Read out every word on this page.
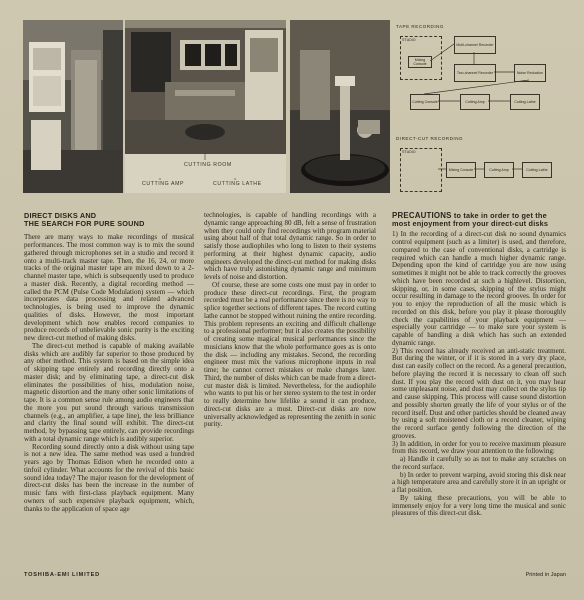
CUTTING ROOM
CUTTING AMP	CUTTING LATHE
TAPE RECORDING
STUDIO
Mixing Console
Multi-channel Recorder
Two-channel Recorder	Noise Reduction
Cutting Console	Cutting Amp	Cutting Lathe
DIRECT-CUT RECORDING
STUDIO
Mixing Console	Cutting Amp	Cutting Lathe
DIRECT DISKS AND
THE SEARCH FOR PURE SOUND

There are many ways to make recordings of musical performances. The most common way is to mix the sound gathered through microphones set in a studio and record it onto a multi-track master tape. Then, the 16, 24, or more tracks of the original master tape are mixed down to a 2-channel master tape, which is subsequently used to produce a master disk. Recently, a digital recording method — called the PCM (Pulse Code Modulation) system — which incorporates data processing and related advanced technologies, is being used to improve the dynamic qualities of disks. However, the most important development which now enables record companies to produce records of unbelievable sonic purity is the exciting new direct-cut method of making disks.

The direct-cut method is capable of making available disks which are audibly far superior to those produced by any other method. This system is based on the simple idea of skipping tape entirely and recording directly onto a master disk; and by eliminating tape, a direct-cut disk eliminates the possibilities of hiss, modulation noise, magnetic distortion and the many other sonic limitations of tape. It is a common sense rule among audio engineers that the more you put sound through various transmission channels (e.g., an amplifier, a tape line), the less brilliance and clarity the final sound will exhibit. The direct-cut method, by bypassing tape entirely, can provide recordings with a total dynamic range which is audibly superior.

Recording sound directly onto a disk without using tape is not a new idea. The same method was used a hundred years ago by Thomas Edison when he recorded onto a tinfoil cylinder. What accounts for the revival of this basic sound idea today? The major reason for the development of direct-cut disks has been the increase in the number of music fans with first-class playback equipment. Many owners of such expensive playback equipment, which, thanks to the application of space age

technologies, is capable of handling recordings with a dynamic range approaching 80 dB, felt a sense of frustration when they could only find recordings with program material using about half of that total dynamic range. So in order to satisfy those audiophiles who long to listen to their systems performing at their highest dynamic capacity, audio engineers developed the direct-cut method for making disks which have truly astonishing dynamic range and minimum levels of noise and distortion.

Of course, these are some costs one must pay in order to produce these direct-cut recordings. First, the program recorded must be a real performance since there is no way to splice together sections of different tapes. The record cutting lathe cannot be stopped without ruining the entire recording. This problem represents an exciting and difficult challenge to a professional performer; but it also creates the possibility of creating some magical musical performances since the musicians know that the whole performance goes as is onto the disk — including any mistakes. Second, the recording engineer must mix the various microphone inputs in real time; he cannot correct mistakes or make changes later. Third, the number of disks which can be made from a direct-cut master disk is limited. Nevertheless, for the audiophile who wants to put his or her stereo system to the test in order to really determine how lifelike a sound it can produce, direct-cut disks are a must. Direct-cut disks are now universally acknowledged as representing the zenith in sonic purity.

PRECAUTIONS to take in order to get the most enjoyment from your direct-cut disks

1) In the recording of a direct-cut disk no sound dynamics control equipment (such as a limiter) is used, and therefore, compared to the case of conventional disks, a cartridge is required which can handle a much higher dynamic range. Depending upon the kind of cartridge you are now using sometimes it might not be able to track correctly the grooves which have been recorded at such a highlevel. Distortion, skipping, or, in some cases, skipping of the stylus might occur resulting in damage to the record grooves. In order for you to enjoy the reproduction of all the music which is recorded on this disk, before you play it please thoroughly check the capabilities of your playback equipment — especially your cartridge — to make sure your system is capable of handling a disk which has such an extended dynamic range.

2) This record has already received an anti-static treatment. But during the winter, or if it is stored in a very dry place, dust can easily collect on the record. As a general precaution, before playing the record it is necessary to clean off such dust. If you play the record with dust on it, you may hear some unpleasant noise, and dust may collect on the stylus tip and cause skipping. This process will cause sound distortion and possibly shorten greatly the life of your stylus or of the record itself. Dust and other particles should be cleaned away by using a soft moistened cloth or a record cleaner, wiping the record surface gently following the direction of the grooves.

3) In addition, in order for you to receive maximum pleasure from this record, we draw your attention to the following:

a) Handle it carefully so as not to make any scratches on the record surface.

b) In order to prevent warping, avoid storing this disk near a high temperature area and carefully store it in an upright or a flat position.

By taking these precautions, you will be able to immensely enjoy for a very long time the musical and sonic pleasures of this direct-cut disk.

TOSHIBA-EMI LIMITED	Printed in Japan
